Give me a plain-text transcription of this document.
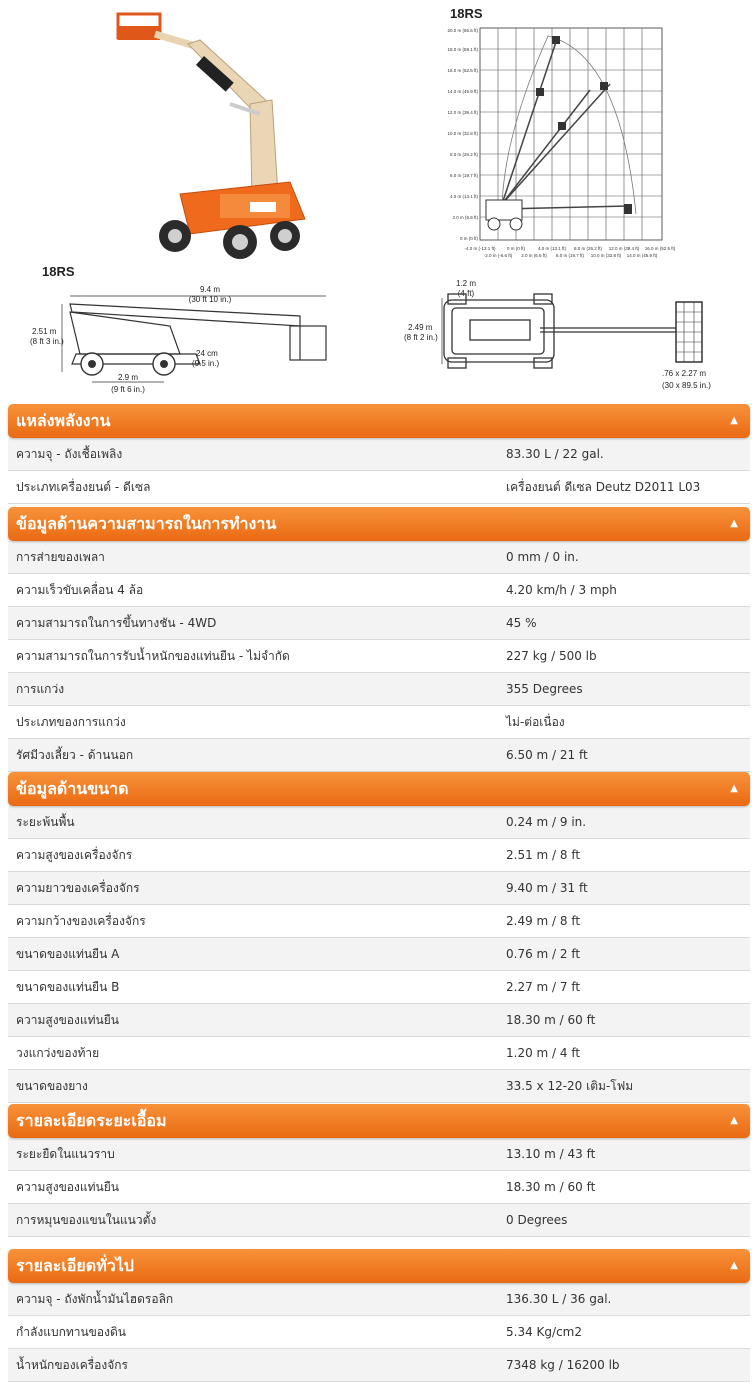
18RS
20.0 m (65.6 ft)
18.0 m (59.1 ft)
16.0 m (52.5 ft)
14.0 m (45.9 ft)
12.0 m (39.4 ft)
10.0 m (32.8 ft)
8.0 m (26.2 ft)
6.0 m (19.7 ft)
4.0 m (13.1 ft)
2.0 m (6.6 ft)
0 m (0 ft)
-4.0 m (-13.1 ft)
-2.0 m (-6.6 ft)
0 m (0 ft)
2.0 m (6.6 ft)
4.0 m (13.1 ft)
6.0 m (19.7 ft)
8.0 m (26.2 ft)
10.0 m (32.8 ft)
12.0 m (39.4 ft)
14.0 m (45.9 ft)
16.0 m (52.5 ft)
18RS
9.4 m
(30 ft 10 in.)
2.51 m
(8 ft 3 in.)
24 cm
(9.5 in.)
2.9 m
(9 ft 6 in.)
1.2 m
(4 ft)
2.49 m
(8 ft 2 in.)
.76 x 2.27 m
(30 x 89.5 in.)
แหล่งพลังงาน	▲
ความจุ - ถังเชื้อเพลิง	83.30 L / 22 gal.
ประเภทเครื่องยนต์ - ดีเซล	เครื่องยนต์ ดีเซล Deutz D2011 L03
ข้อมูลด้านความสามารถในการทำงาน	▲
การส่ายของเพลา	0 mm / 0 in.
ความเร็วขับเคลื่อน 4 ล้อ	4.20 km/h / 3 mph
ความสามารถในการขึ้นทางชัน - 4WD	45 %
ความสามารถในการรับน้ำหนักของแท่นยืน - ไม่จำกัด	227 kg / 500 lb
การแกว่ง	355 Degrees
ประเภทของการแกว่ง	ไม่-ต่อเนื่อง
รัศมีวงเลี้ยว - ด้านนอก	6.50 m / 21 ft
ข้อมูลด้านขนาด	▲
ระยะพ้นพื้น	0.24 m / 9 in.
ความสูงของเครื่องจักร	2.51 m / 8 ft
ความยาวของเครื่องจักร	9.40 m / 31 ft
ความกว้างของเครื่องจักร	2.49 m / 8 ft
ขนาดของแท่นยืน A	0.76 m / 2 ft
ขนาดของแท่นยืน B	2.27 m / 7 ft
ความสูงของแท่นยืน	18.30 m / 60 ft
วงแกว่งของท้าย	1.20 m / 4 ft
ขนาดของยาง	33.5 x 12-20 เติม-โฟม
รายละเอียดระยะเอื้อม	▲
ระยะยืดในแนวราบ	13.10 m / 43 ft
ความสูงของแท่นยืน	18.30 m / 60 ft
การหมุนของแขนในแนวตั้ง	0 Degrees
รายละเอียดทั่วไป	▲
ความจุ - ถังพักน้ำมันไฮดรอลิก	136.30 L / 36 gal.
กำลังแบกทานของดิน	5.34 Kg/cm2
น้ำหนักของเครื่องจักร	7348 kg / 16200 lb
